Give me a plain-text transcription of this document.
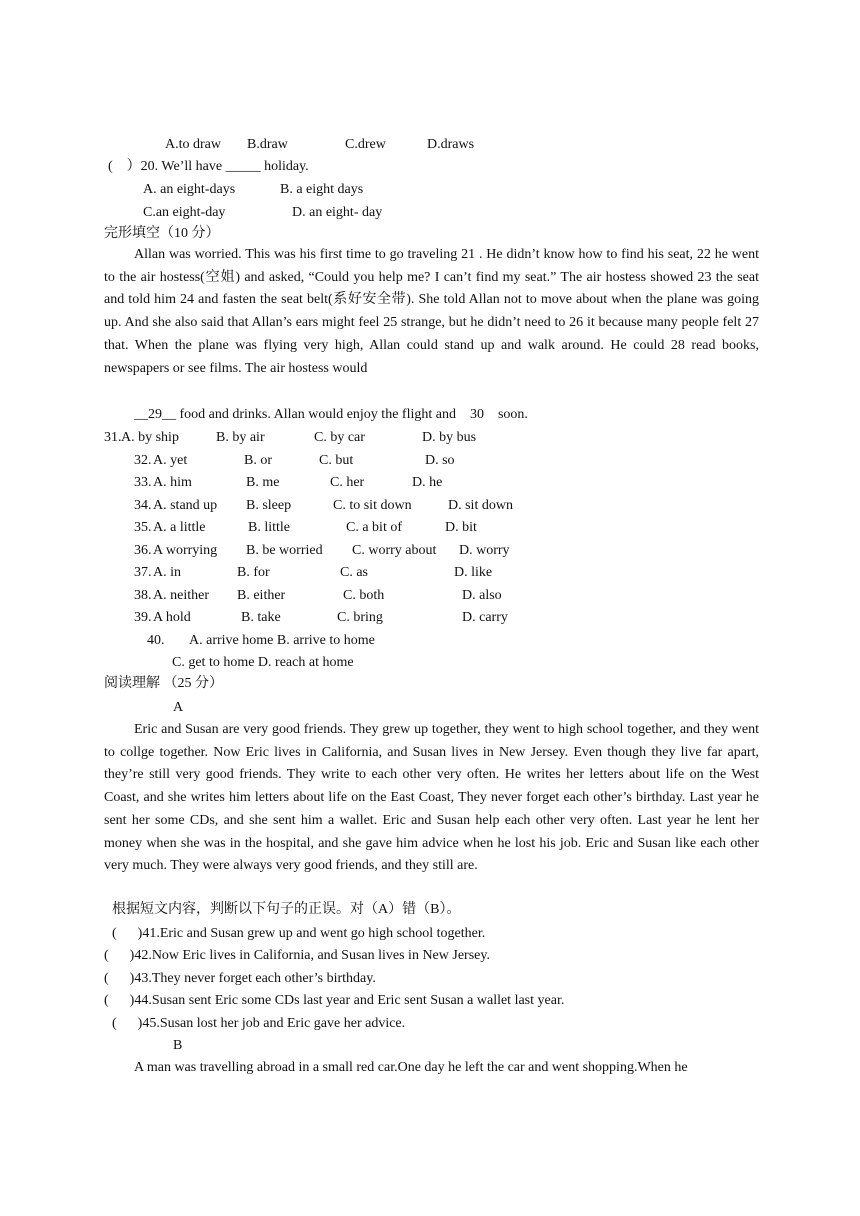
A.to draw B.draw	C.drew	D.draws
(　）20. We’ll have _____ holiday.
A. an eight-days	B. a eight days
C.an eight-day	D. an eight- day
完形填空（10 分）

Allan was worried. This was his first time to go traveling 21 . He didn’t know how to find his seat, 22 he went to the air hostess(空姐) and asked, “Could you help me? I can’t find my seat.” The air hostess showed 23 the seat and told him 24 and fasten the seat belt(系好安全带). She told Allan not to move about when the plane was going up. And she also said that Allan’s ears might feel 25 strange, but he didn’t need to 26 it because many people felt 27 that. When the plane was flying very high, Allan could stand up and walk around. He could 28 read books, newspapers or see films. The air hostess would

__29__ food and drinks. Allan would enjoy the flight and    30    soon.
31. A. by ship	B. by air	C. by car	D. by bus
32. A. yet	B. or	C. but	D. so
33. A. him	B. me	C. her	D. he
34. A. stand up B. sleep	C. to sit down	D. sit down
35. A. a little	B. little	C. a bit of	D. bit
36. A worrying B. be worried C. worry about D. worry
37. A. in	B. for	C. as	D. like
38. A. neither B. either	C. both	D. also
39. A hold	B. take	C. bring	D. carry
40. A. arrive home B. arrive to home
C. get to home D. reach at home
阅读理解 （25 分）
A

Eric and Susan are very good friends. They grew up together, they went to high school together, and they went to collge together. Now Eric lives in California, and Susan lives in New Jersey. Even though they live far apart, they’re still very good friends. They write to each other very often. He writes her letters about life on the West Coast, and she writes him letters about life on the East Coast, They never forget each other’s birthday. Last year he sent her some CDs, and she sent him a wallet. Eric and Susan help each other very often. Last year he lent her money when she was in the hospital, and she gave him advice when he lost his job. Eric and Susan like each other very much. They were always very good friends, and they still are.

根据短文内容，判断以下句子的正误。对（A）错（B）。
(      )41.Eric and Susan grew up and went go high school together.
(      )42.Now Eric lives in California, and Susan lives in New Jersey.
(      )43.They never forget each other’s birthday.
(      )44.Susan sent Eric some CDs last year and Eric sent Susan a wallet last year.
(      )45.Susan lost her job and Eric gave her advice.
B

A man was travelling abroad in a small red car.One day he left the car and went shopping.When he
